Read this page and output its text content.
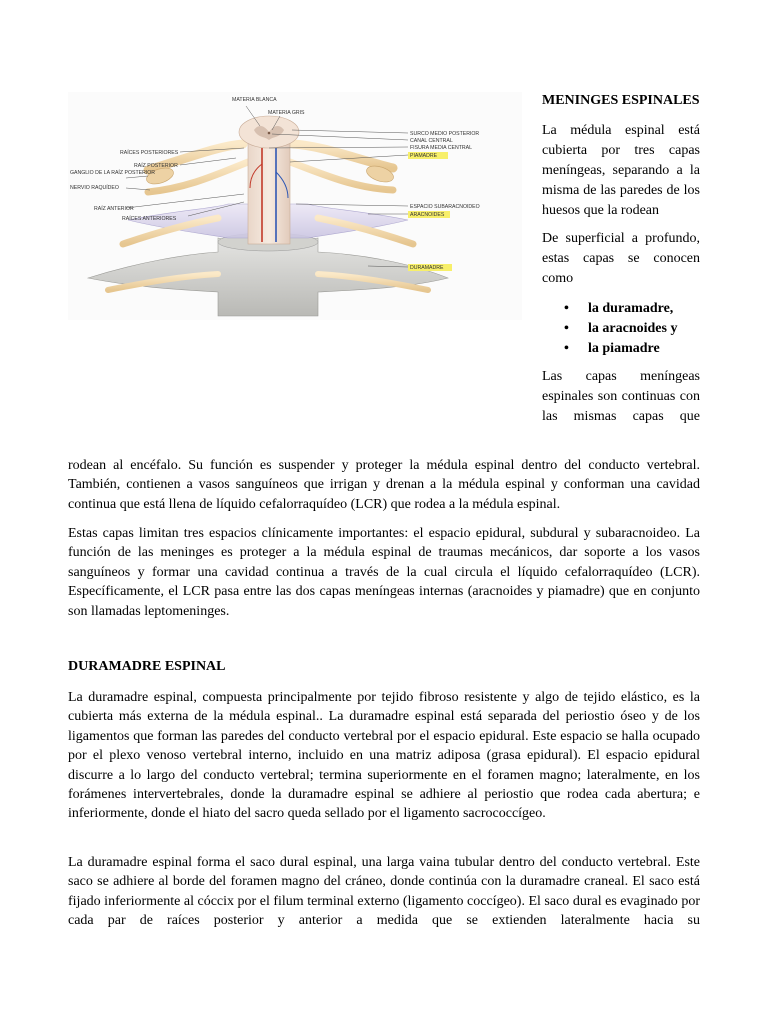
MATERIA BLANCA
MATERIA GRIS
RAÍCES POSTERIORES
RAÍZ POSTERIOR
GANGLIO DE LA RAÍZ POSTERIOR
NERVIO RAQUÍDEO
RAÍZ ANTERIOR
RAÍCES ANTERIORES
SURCO MEDIO POSTERIOR
CANAL CENTRAL
FISURA MEDIA CENTRAL
PIAMADRE
ESPACIO SUBARACNOIDEO
ARACNOIDES
DURAMADRE
MENINGES ESPINALES

La médula espinal está cubierta por tres capas meníngeas, separando a la misma de las paredes de los huesos que la rodean

De superficial a profundo, estas capas se conocen como

• la duramadre,
• la aracnoides y
• la piamadre

Las capas meníngeas espinales son continuas con las mismas capas que

rodean al encéfalo. Su función es suspender y proteger la médula espinal dentro del conducto vertebral. También, contienen a vasos sanguíneos que irrigan y drenan a la médula espinal y conforman una cavidad continua que está llena de líquido cefalorraquídeo (LCR) que rodea a la médula espinal.

Estas capas limitan tres espacios clínicamente importantes: el espacio epidural, subdural y subaracnoideo. La función de las meninges es proteger a la médula espinal de traumas mecánicos, dar soporte a los vasos sanguíneos y formar una cavidad continua a través de la cual circula el líquido cefalorraquídeo (LCR). Específicamente, el LCR pasa entre las dos capas meníngeas internas (aracnoides y piamadre) que en conjunto son llamadas leptomeninges.

DURAMADRE ESPINAL

La duramadre espinal, compuesta principalmente por tejido fibroso resistente y algo de tejido elástico, es la cubierta más externa de la médula espinal.. La duramadre espinal está separada del periostio óseo y de los ligamentos que forman las paredes del conducto vertebral por el espacio epidural. Este espacio se halla ocupado por el plexo venoso vertebral interno, incluido en una matriz adiposa (grasa epidural). El espacio epidural discurre a lo largo del conducto vertebral; termina superiormente en el foramen magno; lateralmente, en los forámenes intervertebrales, donde la duramadre espinal se adhiere al periostio que rodea cada abertura; e inferiormente, donde el hiato del sacro queda sellado por el ligamento sacrococcígeo.

La duramadre espinal forma el saco dural espinal, una larga vaina tubular dentro del conducto vertebral. Este saco se adhiere al borde del foramen magno del cráneo, donde continúa con la duramadre craneal. El saco está fijado inferiormente al cóccix por el filum terminal externo (ligamento coccígeo). El saco dural es evaginado por cada par de raíces posterior y anterior a medida que se extienden lateralmente hacia su
